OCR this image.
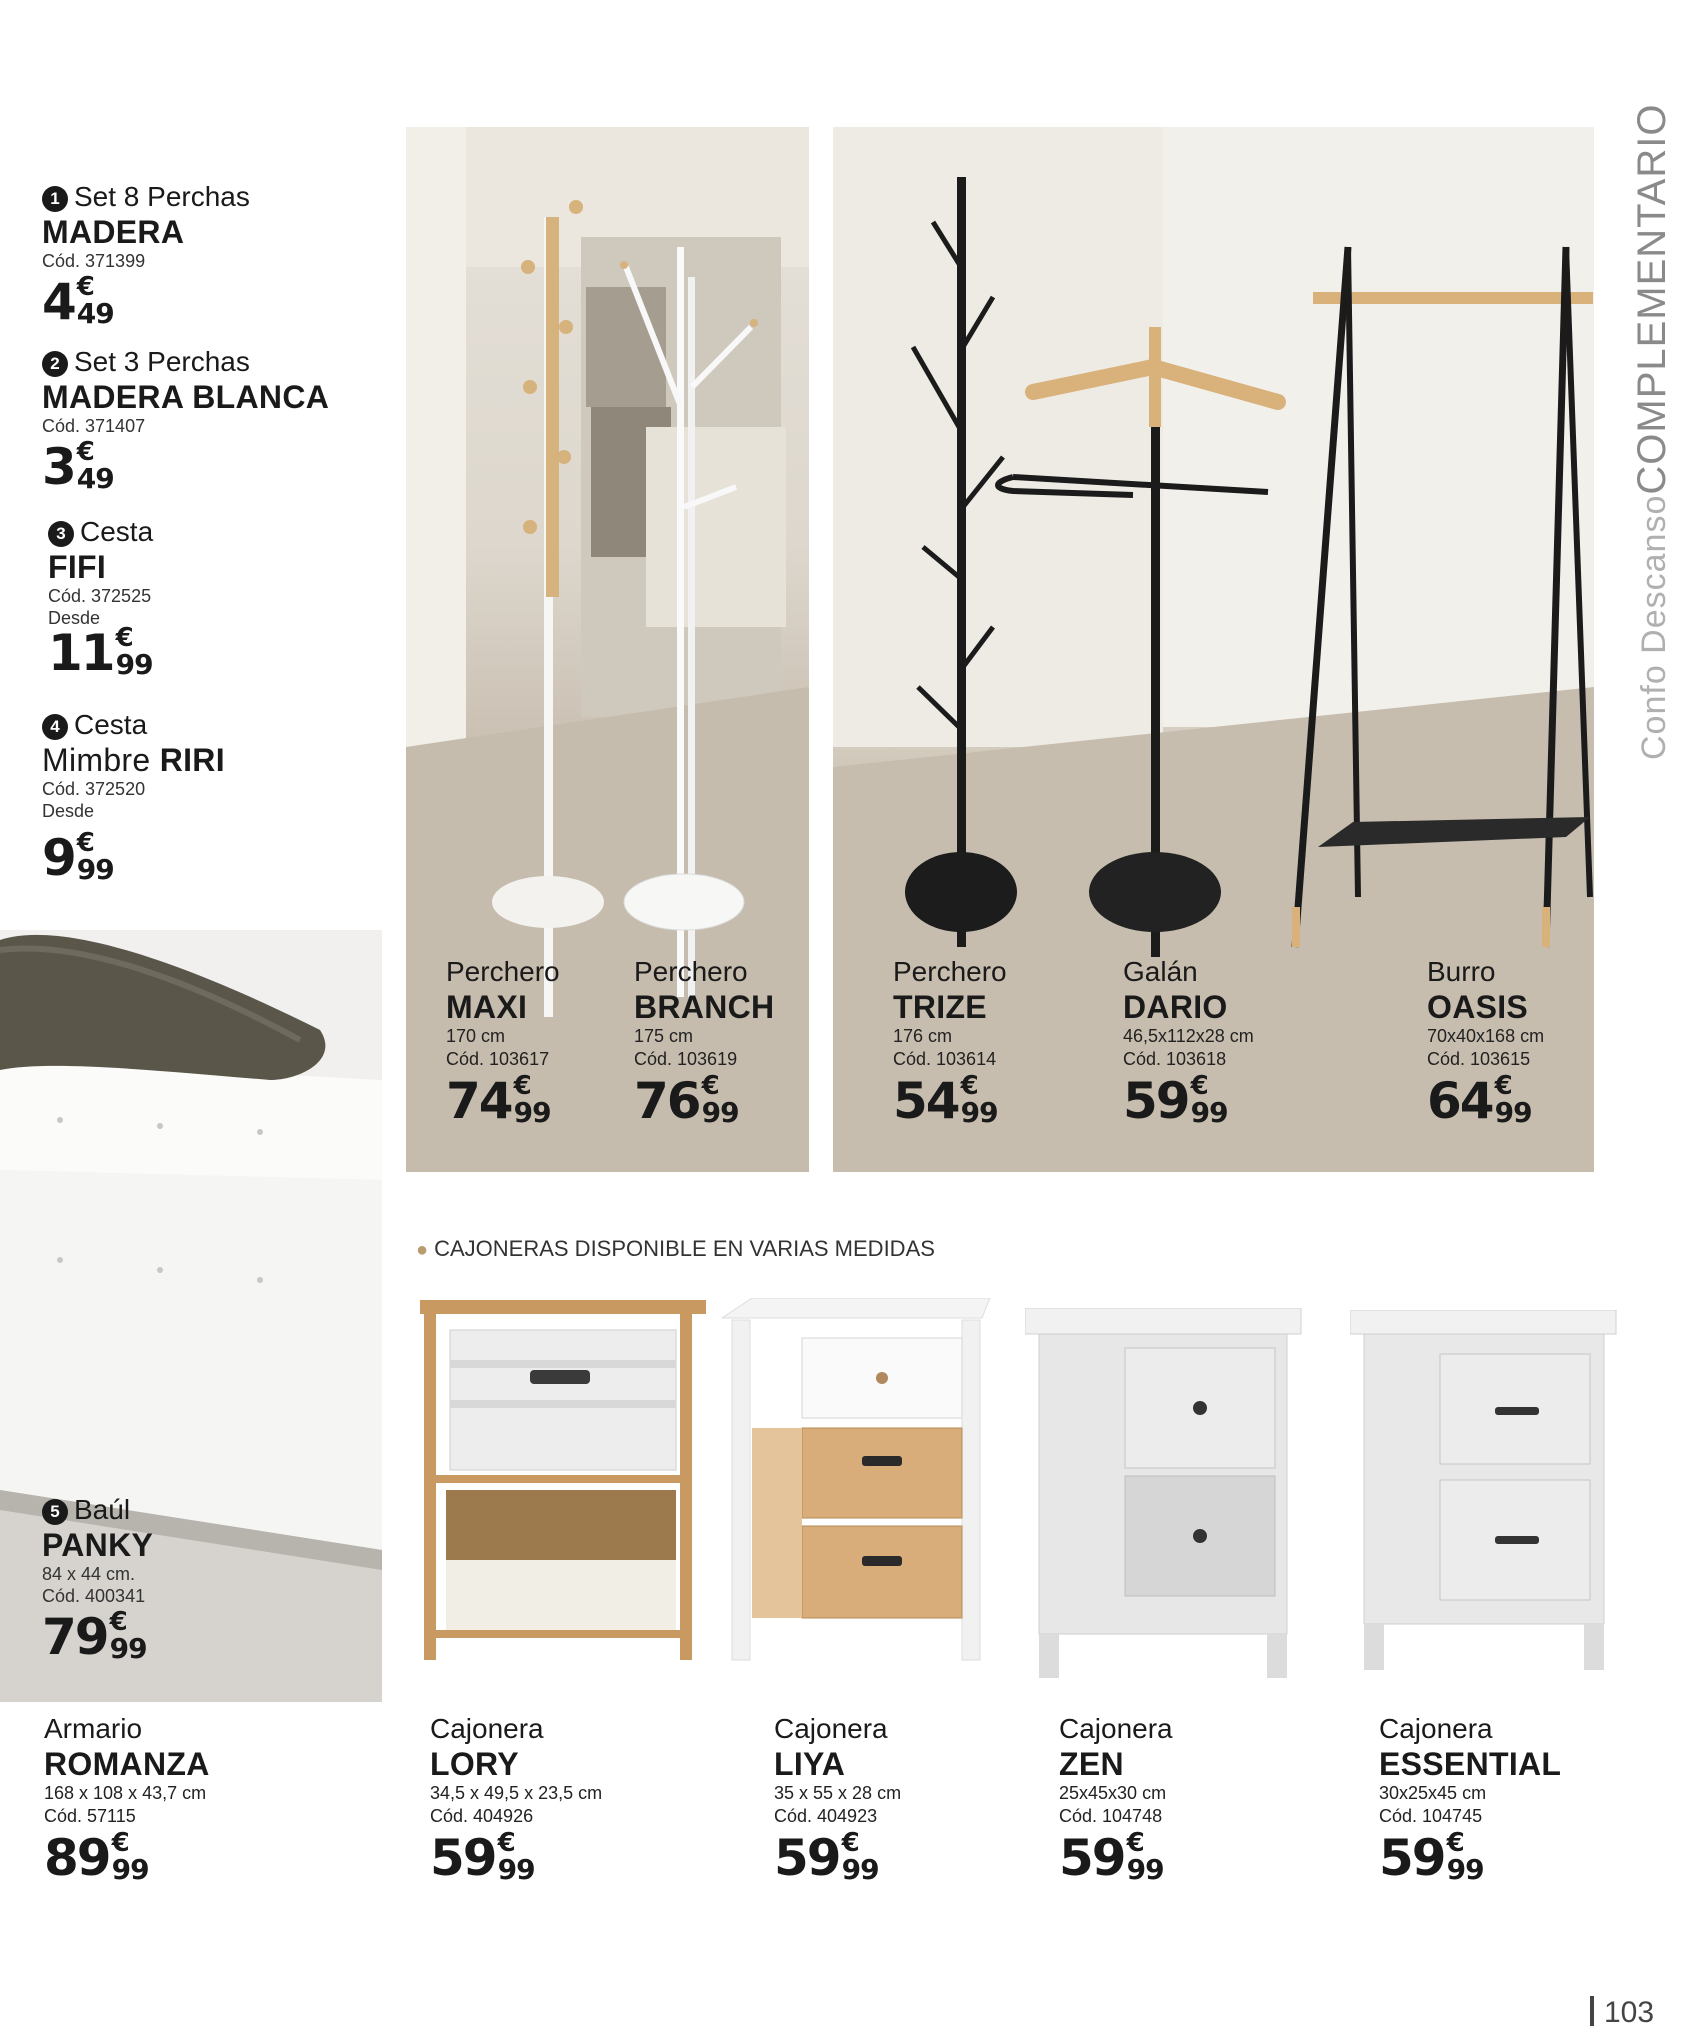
1 Set 8 Perchas
MADERA
Cód. 371399
4 €
49
2 Set 3 Perchas
MADERA BLANCA
Cód. 371407
3 €
49
3 Cesta
FIFI
Cód. 372525
Desde
11 €
99
4 Cesta
Mimbre RIRI
Cód. 372520
Desde
9 €
99
5 Baúl
PANKY
84 x 44 cm.
Cód. 400341
79 €
99
Perchero
MAXI
170 cm
Cód. 103617
74 €
99
Perchero
BRANCH
175 cm
Cód. 103619
76 €
99
Perchero
TRIZE
176 cm
Cód. 103614
54 €
99
Galán
DARIO
46,5x112x28 cm
Cód. 103618
59 €
99
Burro
OASIS
70x40x168 cm
Cód. 103615
64 €
99
Confo DescansoCOMPLEMENTARIO
● CAJONERAS DISPONIBLE EN VARIAS MEDIDAS
Armario
ROMANZA
168 x 108 x 43,7 cm
Cód. 57115
89 €
99
Cajonera
LORY
34,5 x 49,5 x 23,5 cm
Cód. 404926
59 €
99
Cajonera
LIYA
35 x 55 x 28 cm
Cód. 404923
59 €
99
Cajonera
ZEN
25x45x30 cm
Cód. 104748
59 €
99
Cajonera
ESSENTIAL
30x25x45 cm
Cód. 104745
59 €
99
103
